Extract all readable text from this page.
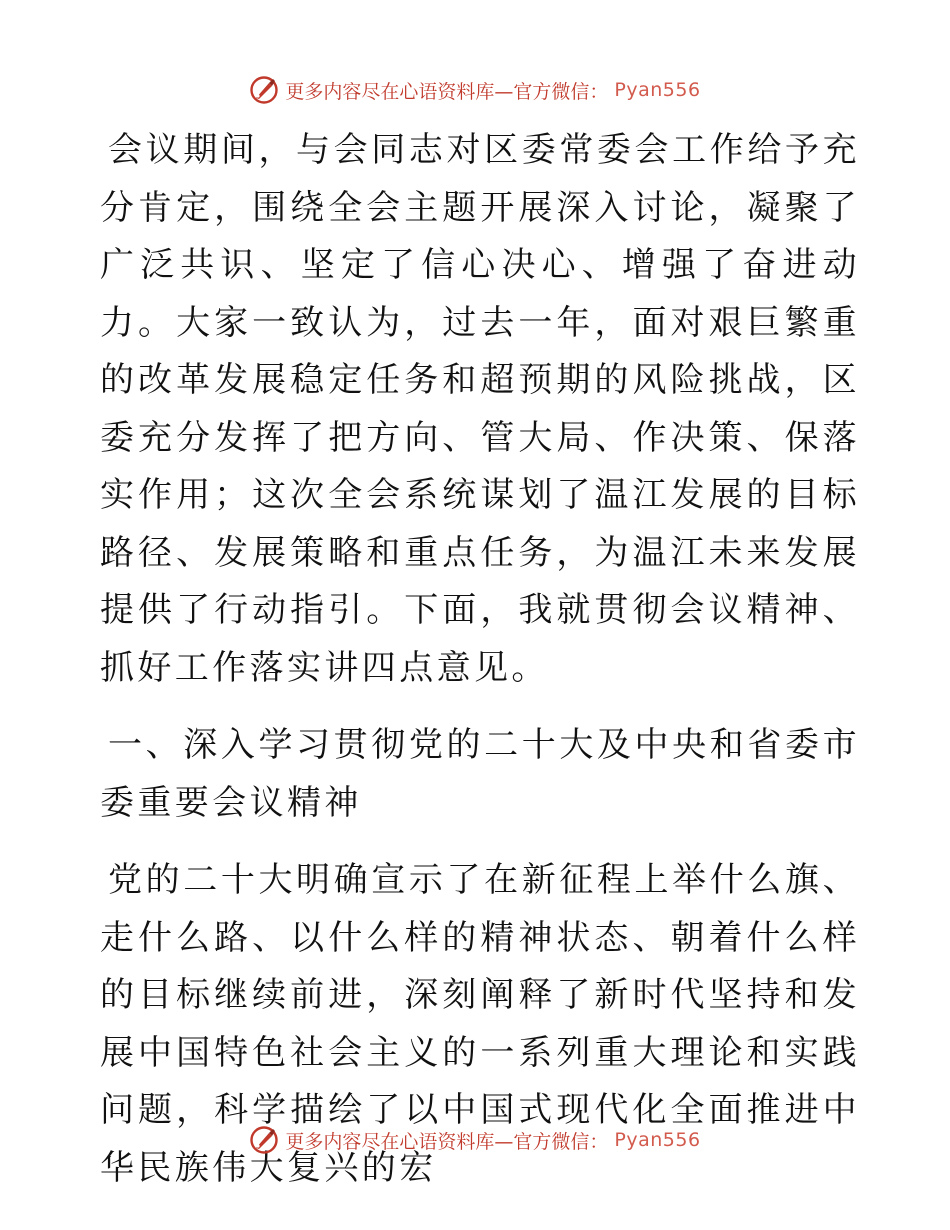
更多内容尽在心语资料库—官方微信： Pyan556

会议期间，与会同志对区委常委会工作给予充分肯定，围绕全会主题开展深入讨论，凝聚了广泛共识、坚定了信心决心、增强了奋进动力。大家一致认为，过去一年，面对艰巨繁重的改革发展稳定任务和超预期的风险挑战，区委充分发挥了把方向、管大局、作决策、保落实作用；这次全会系统谋划了温江发展的目标路径、发展策略和重点任务，为温江未来发展提供了行动指引。下面，我就贯彻会议精神、抓好工作落实讲四点意见。

一、深入学习贯彻党的二十大及中央和省委市委重要会议精神

党的二十大明确宣示了在新征程上举什么旗、走什么路、以什么样的精神状态、朝着什么样的目标继续前进，深刻阐释了新时代坚持和发展中国特色社会主义的一系列重大理论和实践问题，科学描绘了以中国式现代化全面推进中华民族伟大复兴的宏

更多内容尽在心语资料库—官方微信： Pyan556
